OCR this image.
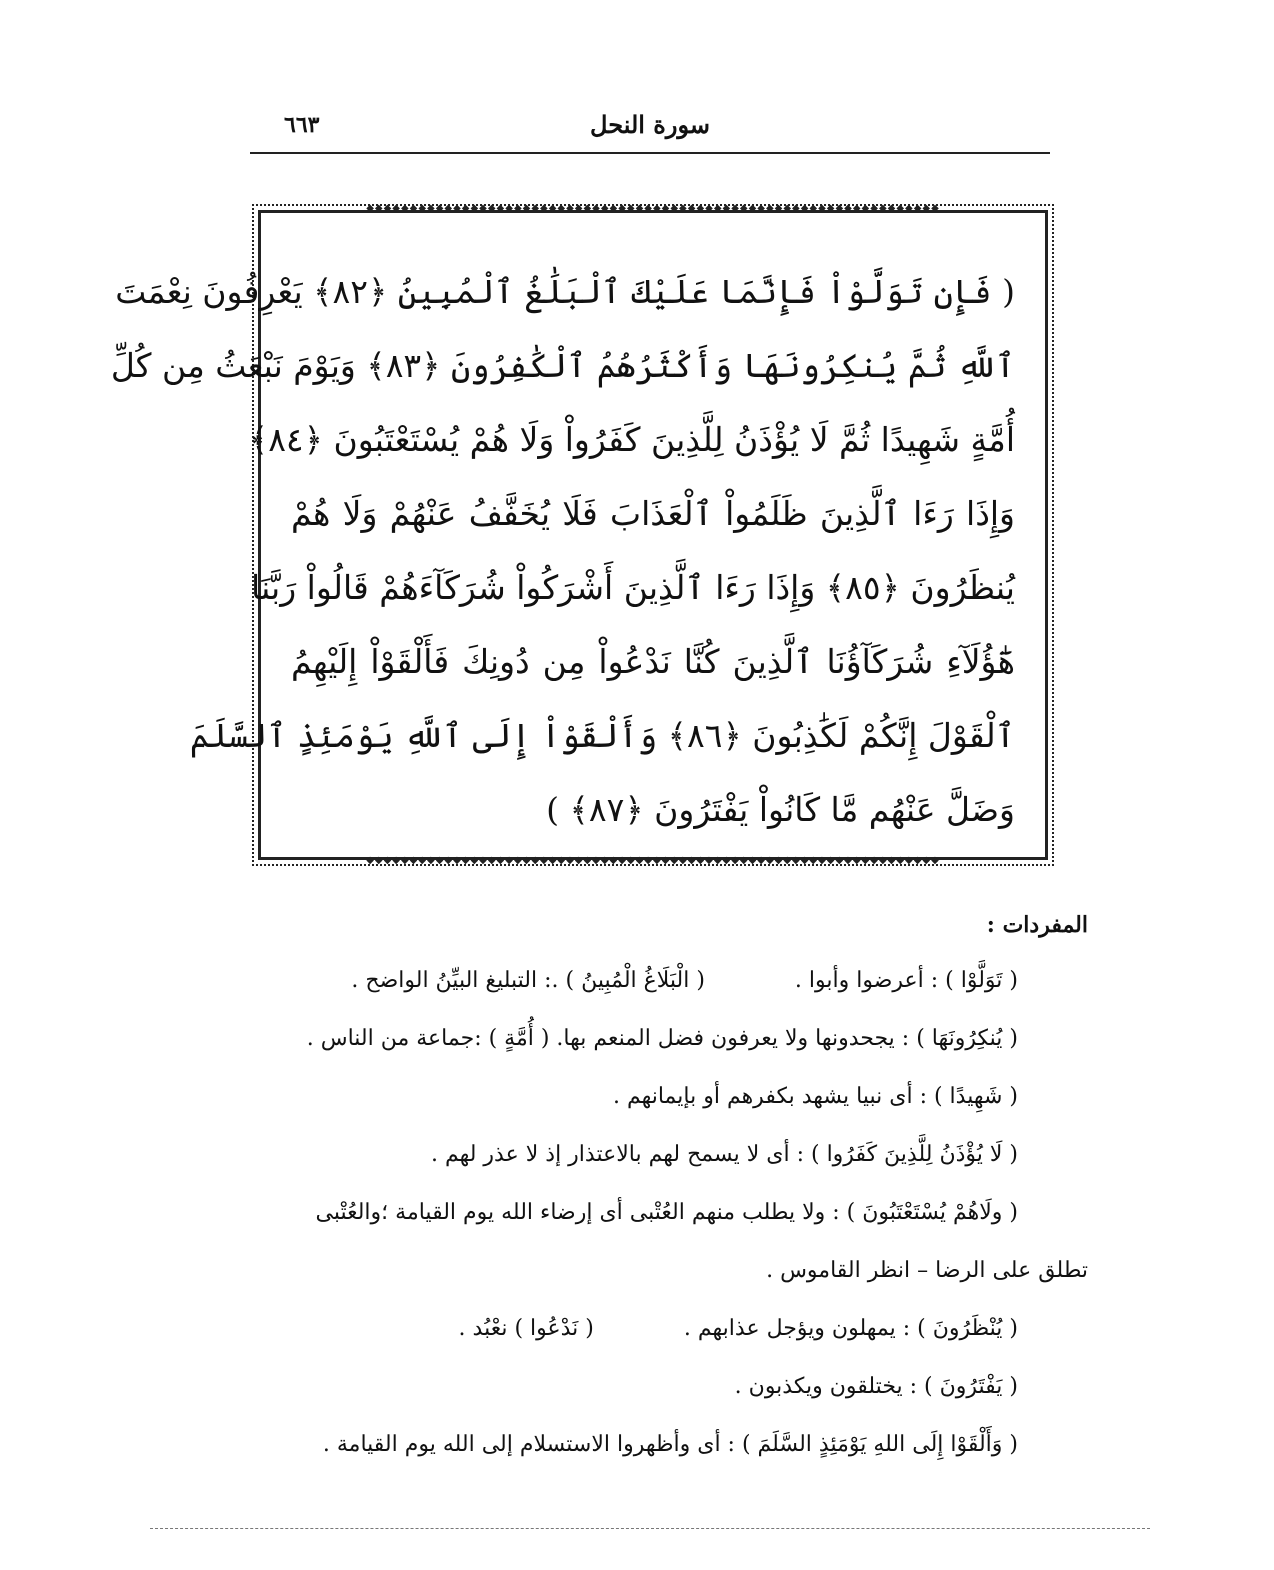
سورة النحل
٦٦٣
◆◆◆◆◆◆◆◆◆◆◆◆◆◆◆◆◆◆◆◆◆◆◆◆◆◆◆◆◆◆◆◆◆◆◆◆◆◆◆◆◆◆◆◆◆◆◆◆◆◆◆◆◆◆◆◆◆◆◆◆◆◆◆◆◆◆
( فَإِن تَوَلَّوْاْ فَإِنَّمَا عَلَيْكَ ٱلْبَلَٰغُ ٱلْمُبِينُ ﴿٨٢﴾ يَعْرِفُونَ نِعْمَتَ
ٱللَّهِ ثُمَّ يُنكِرُونَهَا وَأَكْثَرُهُمُ ٱلْكَٰفِرُونَ ﴿٨٣﴾ وَيَوْمَ نَبْعَثُ مِن كُلِّ
أُمَّةٍ شَهِيدًا ثُمَّ لَا يُؤْذَنُ لِلَّذِينَ كَفَرُواْ وَلَا هُمْ يُسْتَعْتَبُونَ ﴿٨٤﴾
وَإِذَا رَءَا ٱلَّذِينَ ظَلَمُواْ ٱلْعَذَابَ فَلَا يُخَفَّفُ عَنْهُمْ وَلَا هُمْ
يُنظَرُونَ ﴿٨٥﴾ وَإِذَا رَءَا ٱلَّذِينَ أَشْرَكُواْ شُرَكَآءَهُمْ قَالُواْ رَبَّنَا
هَٰٓؤُلَآءِ شُرَكَآؤُنَا ٱلَّذِينَ كُنَّا نَدْعُواْ مِن دُونِكَ فَأَلْقَوْاْ إِلَيْهِمُ
ٱلْقَوْلَ إِنَّكُمْ لَكَٰذِبُونَ ﴿٨٦﴾ وَأَلْقَوْاْ إِلَى ٱللَّهِ يَوْمَئِذٍ ٱلسَّلَمَ
وَضَلَّ عَنْهُم مَّا كَانُواْ يَفْتَرُونَ ﴿٨٧﴾ )
◆◆◆◆◆◆◆◆◆◆◆◆◆◆◆◆◆◆◆◆◆◆◆◆◆◆◆◆◆◆◆◆◆◆◆◆◆◆◆◆◆◆◆◆◆◆◆◆◆◆◆◆◆◆◆◆◆◆◆◆◆◆◆◆◆◆
المفردات :
( تَوَلَّوْا ) : أعرضوا وأبوا .( الْبَلَاغُ الْمُبِينُ ) .: التبليغ البيِّنُ الواضح .
( يُنكِرُونَهَا ) : يجحدونها ولا يعرفون فضل المنعم بها. ( أُمَّةٍ ) :جماعة من الناس .
( شَهِيدًا ) : أى نبيا يشهد بكفرهم أو بإيمانهم .
( لَا يُؤْذَنُ لِلَّذِينَ كَفَرُوا ) : أى لا يسمح لهم بالاعتذار إذ لا عذر لهم .
( ولَاهُمْ يُسْتَعْتَبُونَ ) : ولا يطلب منهم العُتْبى أى إرضاء الله يوم القيامة ؛والعُتْبى
تطلق على الرضا – انظر القاموس .
( يُنْظَرُونَ ) : يمهلون ويؤجل عذابهم .( نَدْعُوا ) نعْبُد .
( يَفْتَرُونَ ) : يختلقون ويكذبون .
( وَأَلْقَوْا إِلَى اللهِ يَوْمَئِذٍ السَّلَمَ ) : أى وأظهروا الاستسلام إلى الله يوم القيامة .
